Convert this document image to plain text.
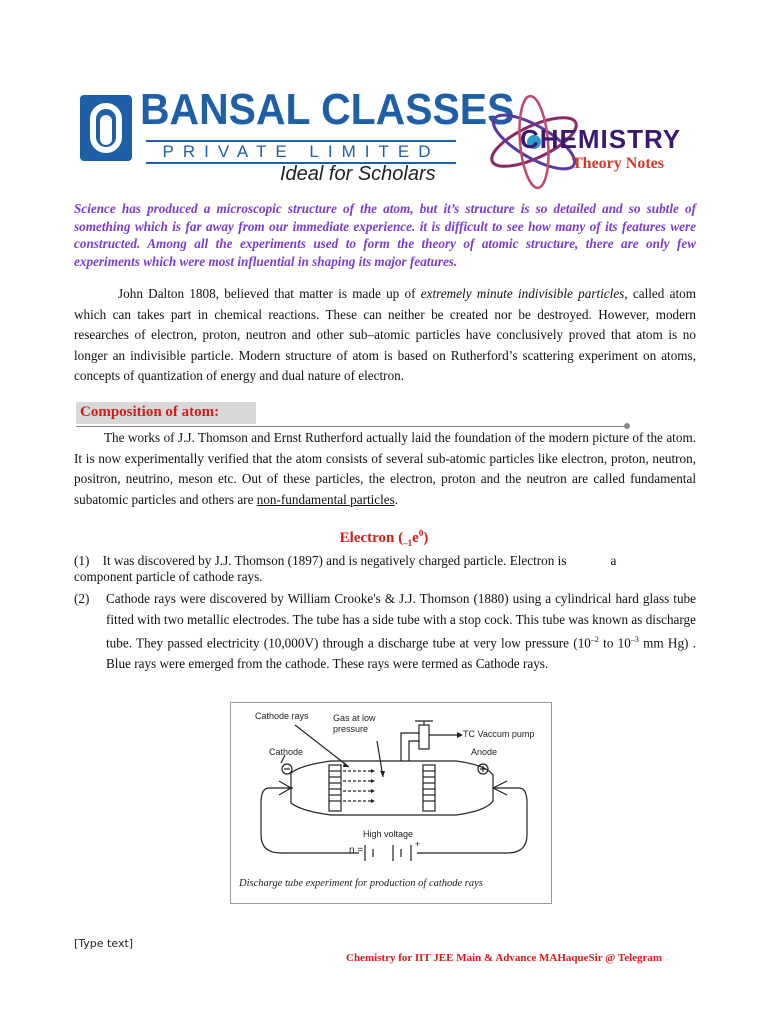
BANSAL CLASSES
PRIVATE LIMITED
Ideal for Scholars
CHEMISTRY
Theory Notes
Science has produced a microscopic structure of the atom, but it’s structure is so detailed and so subtle of something which is far away from our immediate experience. it is difficult to see how many of its features were constructed. Among all the experiments used to form the theory of atomic structure, there are only few experiments which were most influential in shaping its major features.
John Dalton 1808, believed that matter is made up of extremely minute indivisible particles, called atom which can takes part in chemical reactions. These can neither be created nor be destroyed. However, modern researches of electron, proton, neutron and other sub–atomic particles have conclusively proved that atom is no longer an indivisible particle. Modern structure of atom is based on Rutherford’s scattering experiment on atoms, concepts of quantization of energy and dual nature of electron.
Composition of atom:
The works of J.J. Thomson and Ernst Rutherford actually laid the foundation of the modern picture of the atom. It is now experimentally verified that the atom consists of several sub-atomic particles like electron, proton, neutron, positron, neutrino, meson etc. Out of these particles, the electron, proton and the neutron are called fundamental subatomic particles and others are non-fundamental particles.
Electron $(_{-1}e^0)$
(1) It was discovered by J.J. Thomson (1897) and is negatively charged particle. Electron is	a
component particle of cathode rays.
(2) Cathode rays were discovered by William Crooke's & J.J. Thomson (1880) using a cylindrical hard glass tube fitted with two metallic electrodes. The tube has a side tube with a stop cock. This tube was known as discharge tube. They passed electricity (10,000V) through a discharge tube at very low pressure ($10^{-2}$ to $10^{-3}$ mm Hg) . Blue rays were emerged from the cathode. These rays were termed as Cathode rays.
Cathode rays	Gas at low
pressure	TC Vaccum pump
Cathode	Anode
High voltage
n =
+
Discharge tube experiment for production of cathode rays
[Type text]
Chemistry for IIT JEE Main & Advance MAHaqueSir @ Telegram
